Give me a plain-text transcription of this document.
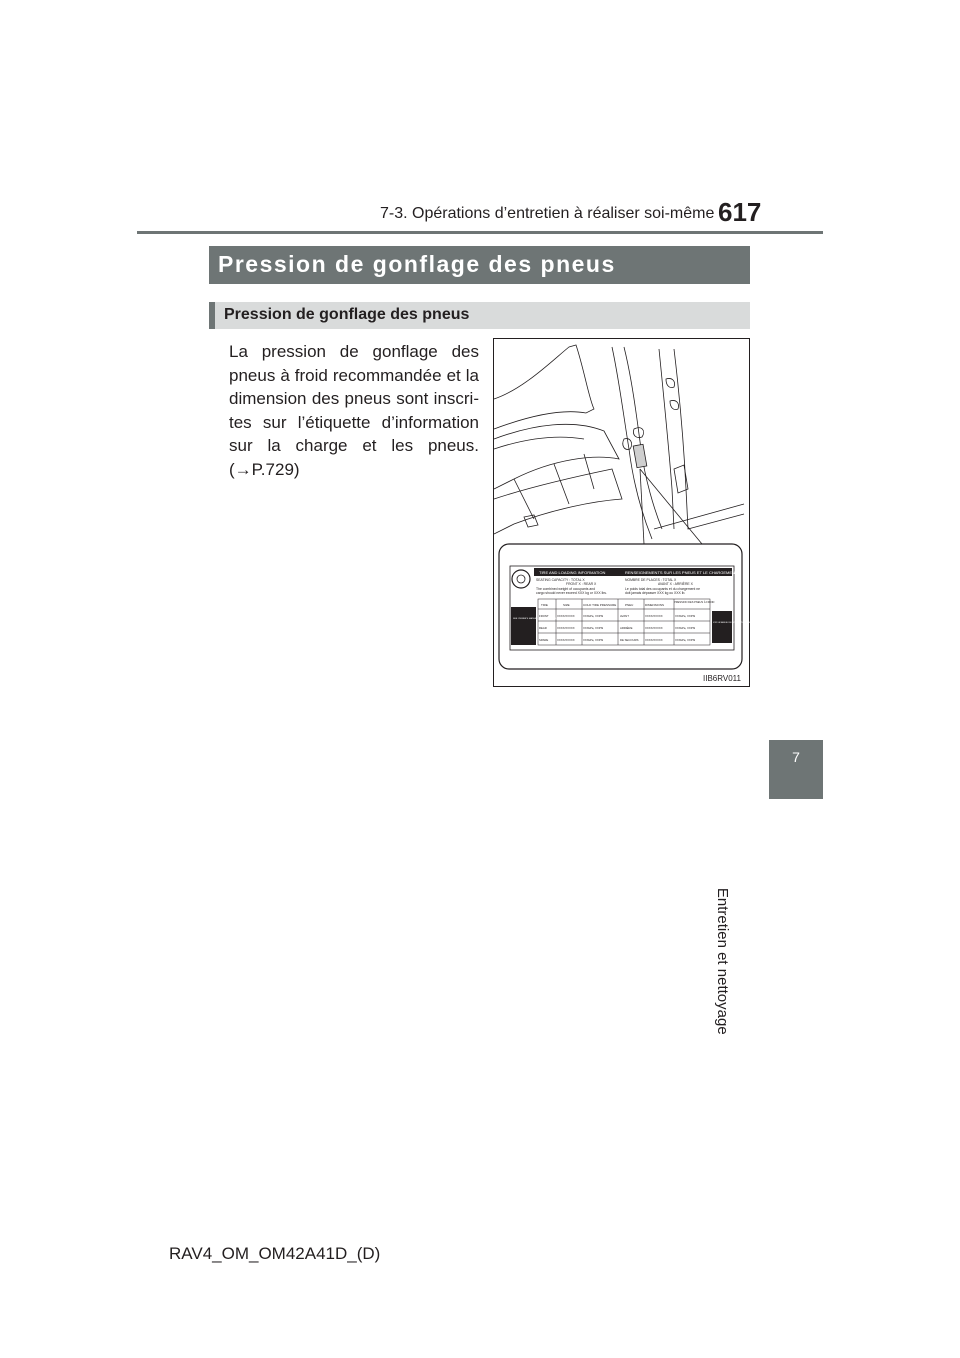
7-3. Opérations d’entretien à réaliser soi-même 617
7
Entretien et nettoyage
Pression de gonflage des pneus
Pression de gonflage des pneus
La pression de gonflage des pneus à froid recommandée et la dimension des pneus sont inscri-tes sur l’étiquette d’information sur la charge et les pneus. (→P.729)
TIRE AND LOADING INFORMATION	RENSEIGNEMENTS SUR LES PNEUS ET LE CHARGEMENT
SEATING CAPACITY : TOTAL X	NOMBRE DE PLACES : TOTAL X
FRONT X : REAR X	AVANT X : ARRIÈRE X
The combined weight of occupants and
cargo should never exceed XXX kg or XXX lbs.
Le poids total des occupants et du chargement ne
doit jamais dépasser XXX kg ou XXX lb.
TIRE	SIZE	COLD TIRE PRESSURE	PNEU	DIMENSIONS
PRESSION DES PNEUS À FROID
FRONT	XXXX/XXXXX	XXXkPa, XXPSI	AVANT	XXXX/XXXXX	XXXkPa, XXPSI
REAR	XXXX/XXXXX	XXXkPa, XXPSI	ARRIÈRE	XXXX/XXXXX	XXXkPa, XXPSI
SPARE	XXXX/XXXXX	XXXkPa, XXPSI	DE SECOURS XXXX/XXXXX	XXXkPa, XXPSI
SEE OWNER'S MANUAL FOR ADDITIONAL INFORMATION
VOIR LE MANUEL DE L'USAGER POUR PLUS DE RENSEIGNEMENTS
IIB6RV011
RAV4_OM_OM42A41D_(D)
